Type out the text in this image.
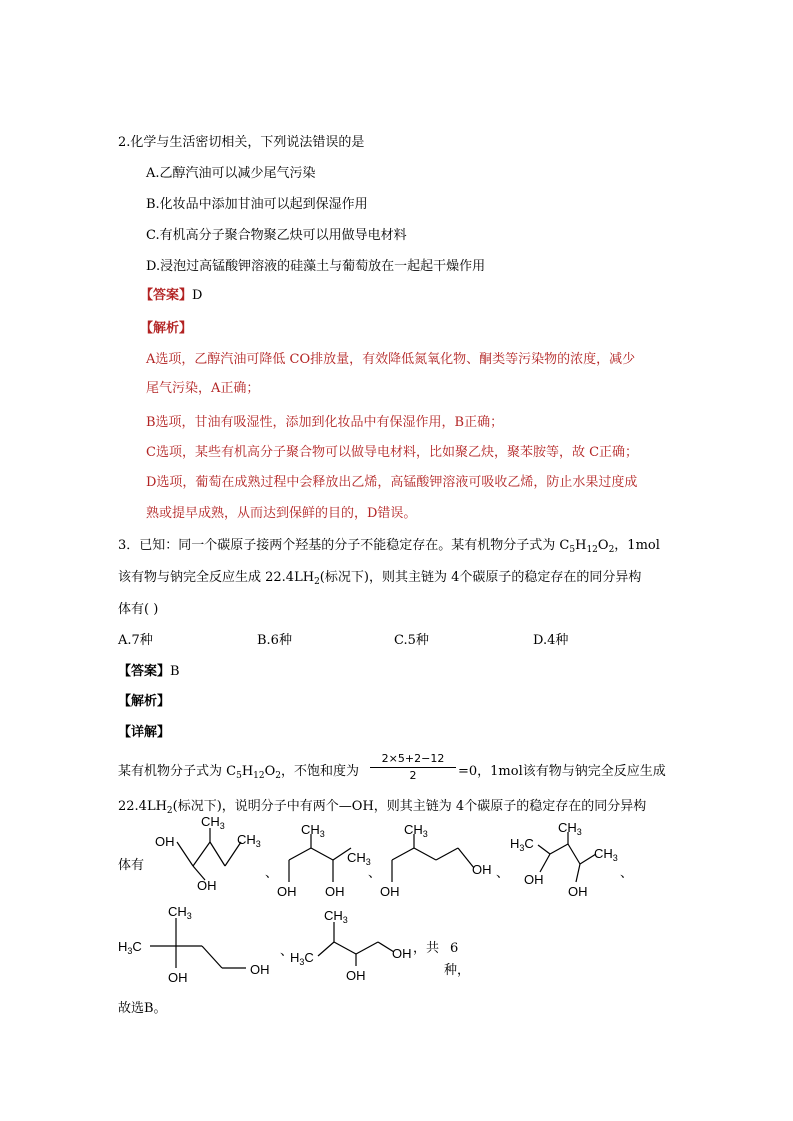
2.化学与生活密切相关，下列说法错误的是
A.乙醇汽油可以减少尾气污染
B.化妆品中添加甘油可以起到保湿作用
C.有机高分子聚合物聚乙炔可以用做导电材料
D.浸泡过高锰酸钾溶液的硅藻土与葡萄放在一起起干燥作用
【答案】D
【解析】
A选项，乙醇汽油可降低 CO排放量，有效降低氮氧化物、酮类等污染物的浓度，减少
尾气污染，A正确；
B选项，甘油有吸湿性，添加到化妆品中有保湿作用，B正确；
C选项，某些有机高分子聚合物可以做导电材料，比如聚乙炔，聚苯胺等，故 C正确；
D选项，葡萄在成熟过程中会释放出乙烯，高锰酸钾溶液可吸收乙烯，防止水果过度成
熟或提早成熟，从而达到保鲜的目的，D错误。
3．已知：同一个碳原子接两个羟基的分子不能稳定存在。某有机物分子式为 $C_5H_{12}O_2$，1mol
该有物与钠完全反应生成 $22.4LH_2$(标况下)，则其主链为 4个碳原子的稳定存在的同分异构
体有( )
A.7种	B.6种	C.5种	D.4种
【答案】B
【解析】
【详解】
某有机物分子式为 $C_5H_{12}O_2$，不饱和度为
2×5+2−12
2	=0，1mol该有物与钠完全反应生成
$22.4LH_2$(标况下)，说明分子中有两个—OH，则其主链为 4个碳原子的稳定存在的同分异构
体有
OH
OH
$CH_3$
$CH_3$
、
$CH_3$
OH OH
$CH_3$
、
$CH_3$
OH
OH 、
$H_3C$
$CH_3$
OH
OH
$CH_3$
、
$H_3C$
$CH_3$
OH
OH
、
$H_3C$
$CH_3$
OH
OH ，共 6
种，
故选B。
